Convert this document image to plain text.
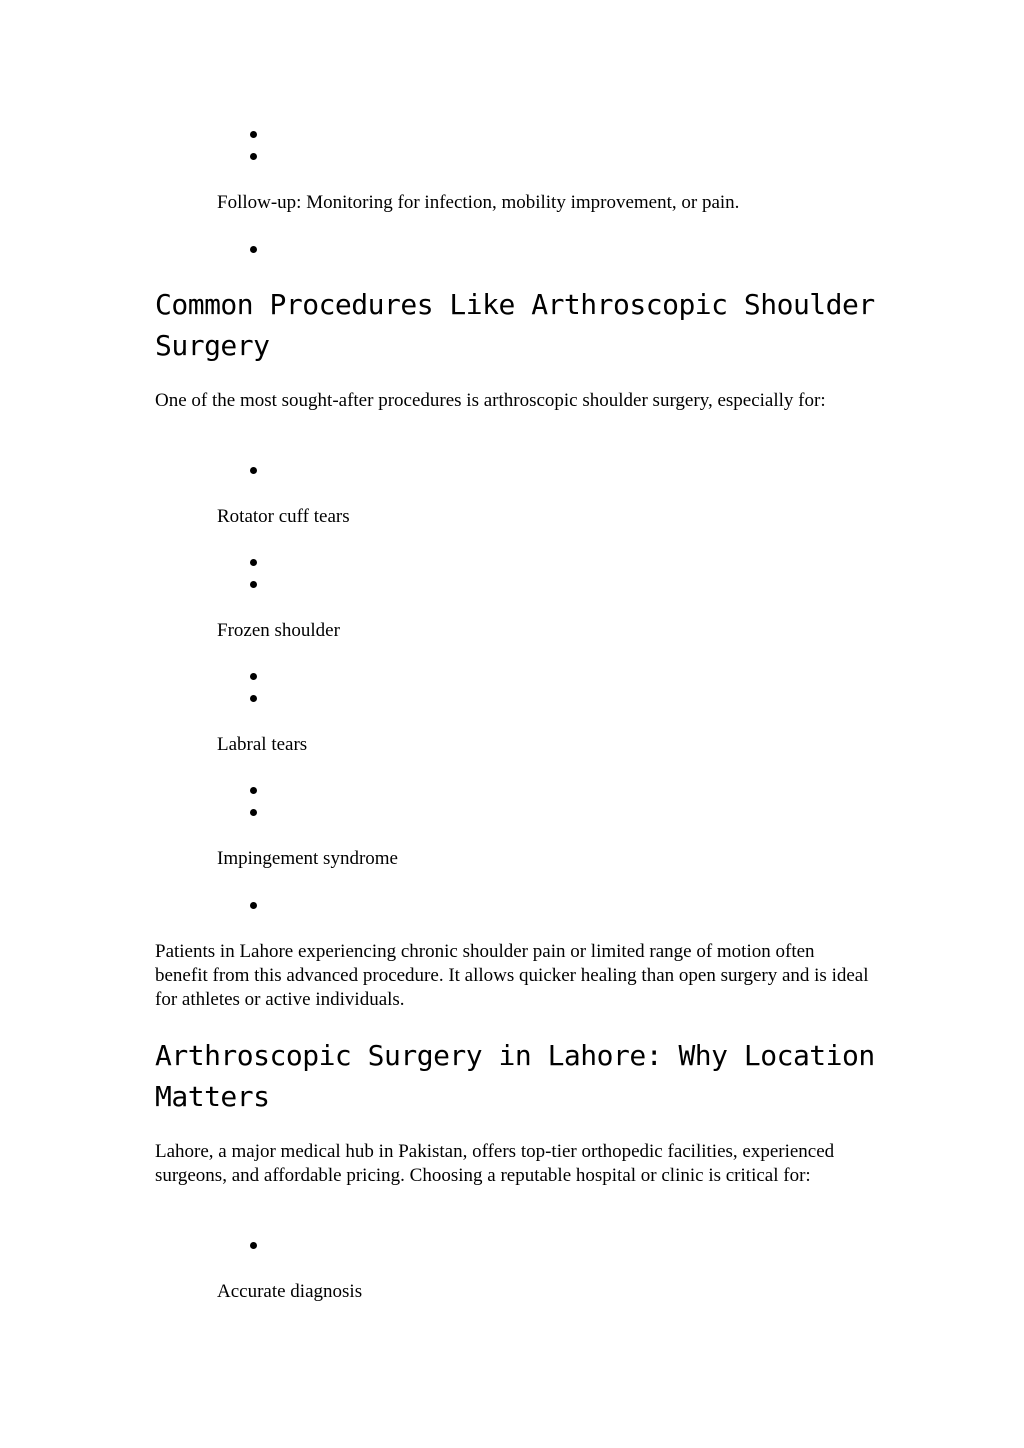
Follow-up: Monitoring for infection, mobility improvement, or pain.
Common Procedures Like Arthroscopic Shoulder
Surgery

One of the most sought-after procedures is arthroscopic shoulder surgery, especially for:

Rotator cuff tears
Frozen shoulder
Labral tears
Impingement syndrome

Patients in Lahore experiencing chronic shoulder pain or limited range of motion often benefit from this advanced procedure. It allows quicker healing than open surgery and is ideal for athletes or active individuals.

Arthroscopic Surgery in Lahore: Why Location
Matters

Lahore, a major medical hub in Pakistan, offers top-tier orthopedic facilities, experienced surgeons, and affordable pricing. Choosing a reputable hospital or clinic is critical for:

Accurate diagnosis
